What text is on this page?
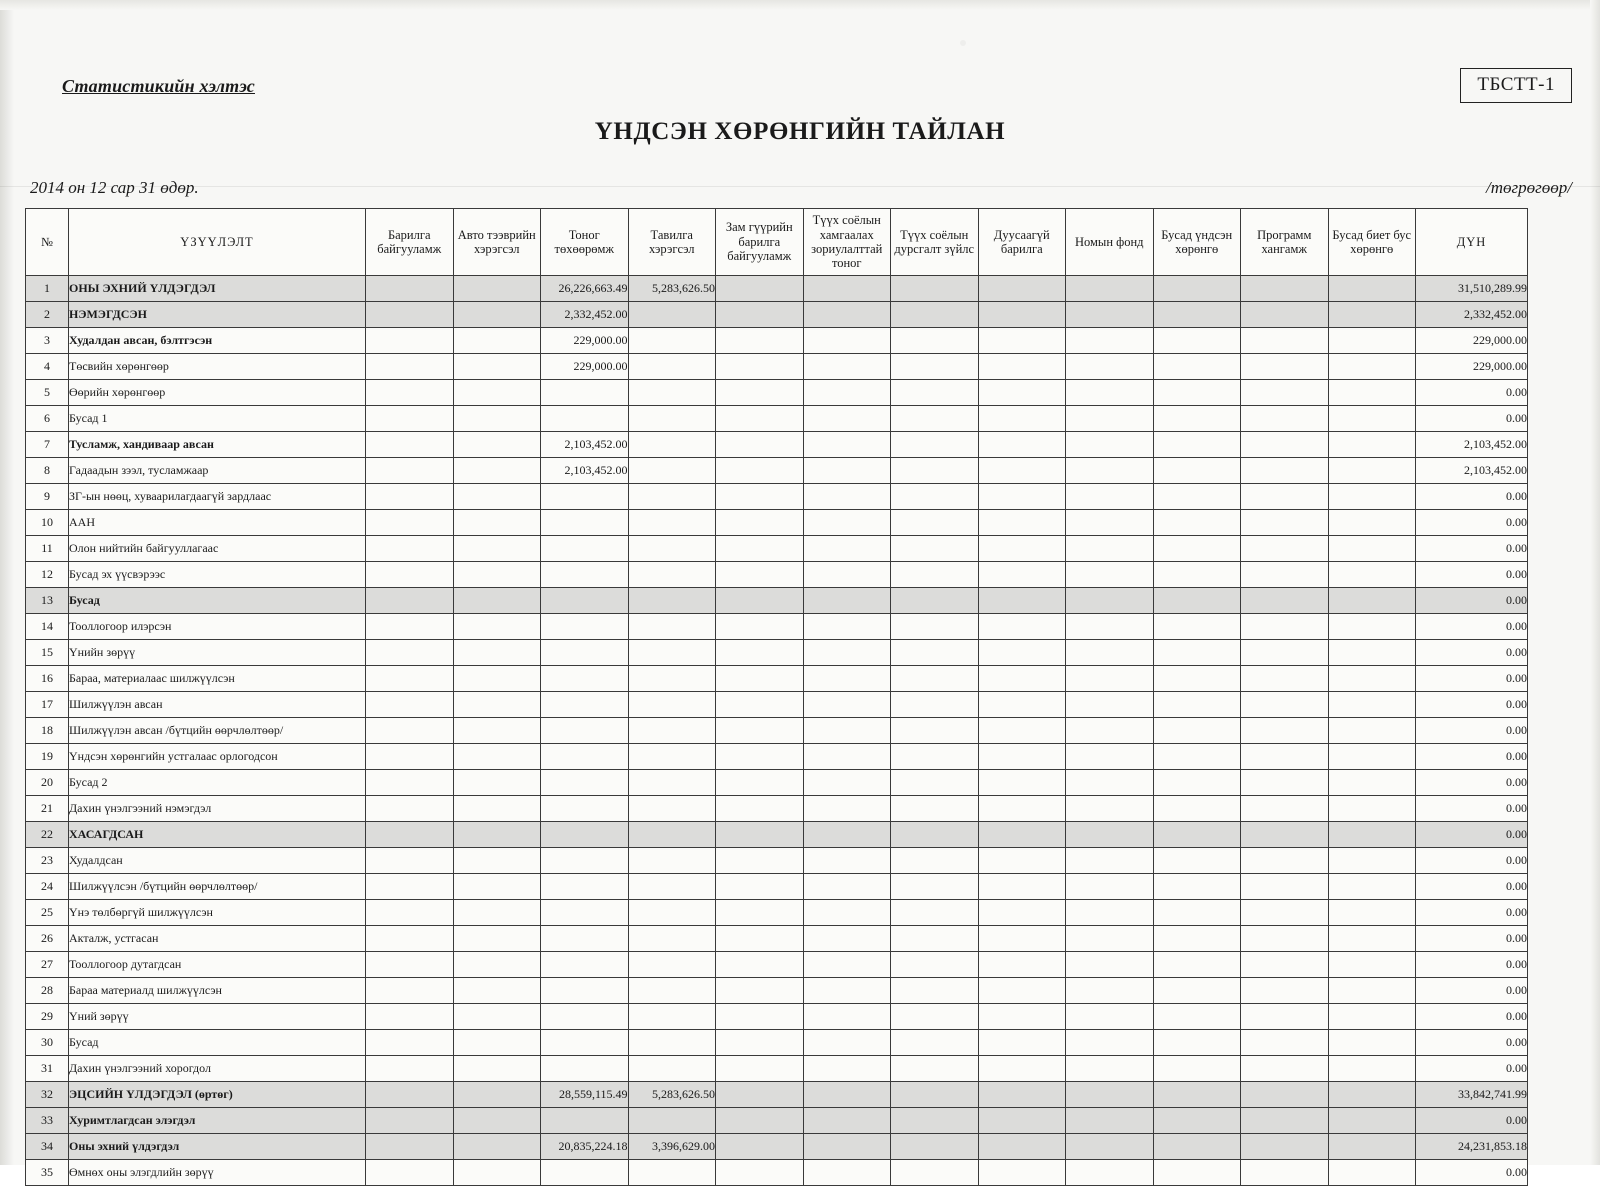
Статистикийн хэлтэс	ТБСТТ-1
ҮНДСЭН ХӨРӨНГИЙН ТАЙЛАН
2014 он 12 сар 31 өдөр.	/төгрөгөөр/
№	ҮЗҮҮЛЭЛТ	Барилга байгууламж	Авто тээврийн хэрэгсэл	Тоног төхөөрөмж	Тавилга хэрэгсэл	Зам гүүрийн барилга байгууламж	Түүх соёлын хамгаалах зориулалттай тоног	Түүх соёлын дурсгалт зүйлс	Дуусаагүй барилга	Номын фонд	Бусад үндсэн хөрөнгө	Программ хангамж	Бусад биет бус хөрөнгө	ДҮН
1	ОНЫ ЭХНИЙ ҮЛДЭГДЭЛ			26,226,663.49	5,283,626.50									31,510,289.99
2	НЭМЭГДСЭН			2,332,452.00										2,332,452.00
3	Худалдан авсан, бэлтгэсэн			229,000.00										229,000.00
4	Төсвийн хөрөнгөөр			229,000.00										229,000.00
5	Өөрийн хөрөнгөөр													0.00
6	Бусад 1													0.00
7	Тусламж, хандиваар авсан			2,103,452.00										2,103,452.00
8	Гадаадын зээл, тусламжаар			2,103,452.00										2,103,452.00
9	ЗГ-ын нөөц, хуваарилагдаагүй зардлаас													0.00
10	ААН													0.00
11	Олон нийтийн байгууллагаас													0.00
12	Бусад эх үүсвэрээс													0.00
13	Бусад													0.00
14	Тооллогоор илэрсэн													0.00
15	Үнийн зөрүү													0.00
16	Бараа, материалаас шилжүүлсэн													0.00
17	Шилжүүлэн авсан													0.00
18	Шилжүүлэн авсан /бүтцийн өөрчлөлтөөр/													0.00
19	Үндсэн хөрөнгийн устгалаас орлогодсон													0.00
20	Бусад 2													0.00
21	Дахин үнэлгээний нэмэгдэл													0.00
22	ХАСАГДСАН													0.00
23	Худалдсан													0.00
24	Шилжүүлсэн /бүтцийн өөрчлөлтөөр/													0.00
25	Үнэ төлбөргүй шилжүүлсэн													0.00
26	Акталж, устгасан													0.00
27	Тооллогоор дутагдсан													0.00
28	Бараа материалд шилжүүлсэн													0.00
29	Үний зөрүү													0.00
30	Бусад													0.00
31	Дахин үнэлгээний хорогдол													0.00
32	ЭЦСИЙН ҮЛДЭГДЭЛ (өртөг)			28,559,115.49	5,283,626.50									33,842,741.99
33	Хуримтлагдсан элэгдэл													0.00
34	Оны эхний үлдэгдэл			20,835,224.18	3,396,629.00									24,231,853.18
35	Өмнөх оны элэгдлийн зөрүү													0.00
